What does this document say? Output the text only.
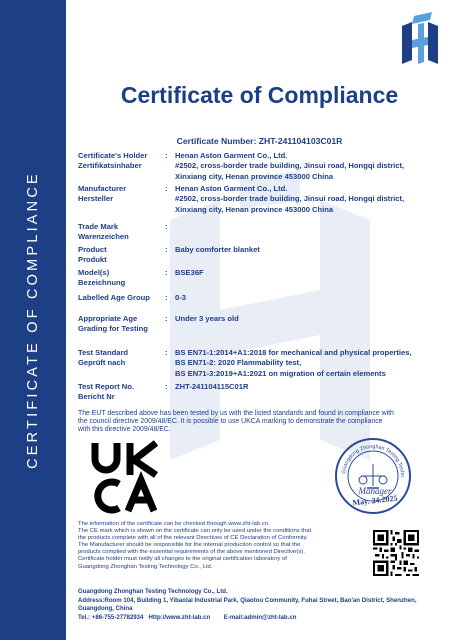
CERTIFICATE OF COMPLIANCE
Certificate of Compliance
Certificate Number: ZHT-241104103C01R
Certificate's Holder
Zertifikatsinhaber
: Henan Aston Garment Co., Ltd.
#2502, cross-border trade building, Jinsui road, Hongqi district,
Xinxiang city, Henan province 453000 China
Manufacturer
Hersteller
: Henan Aston Garment Co., Ltd.
#2502, cross-border trade building, Jinsui road, Hongqi district,
Xinxiang city, Henan province 453000 China
Trade Mark
Warenzeichen
:
Product
Produkt
: Baby comforter blanket
Model(s)
Bezeichnung
: BSE36F
Labelled Age Group	: 0-3
Appropriate Age
Grading for Testing
: Under 3 years old
Test Standard
Geprüft nach
: BS EN71-1:2014+A1:2018 for mechanical and physical properties,
BS EN71-2: 2020 Flammability test,
BS EN71-3:2019+A1:2021 on migration of certain elements
Test Report No.
Bericht Nr
: ZHT-241104115C01R
The EUT described above has been tested by us with the listed standards and found in compliance with
the council directive 2009/48/EC. It is possible to use UKCA marking to demonstrate the compliance
with this directive 2009/48/EC.
Guangdong Zhonghan Testing Techn
Manager
May. 24.2025
The information of the certificate can be checked through www.zht-lab.cn.
The CE mark which is shown on the certificate can only be used under the conditions that
the products complete with all of the relevant Directives of CE Declaration of Conformity.
The Manufacturer should be responsible for the internal production control so that the
products complied with the essential requirements of the above mentioned Directive(s).
Certificate holder must notify all changes to the original certification laboratory of
Guangdong Zhonghan Testing Technology Co., Ltd.
Guangdong Zhonghan Testing Technology Co., Ltd.
Address:Room 104, Building 1, Yibaolai Industrial Park, Qiaotou Community, Fuhai Street, Bao'an District, Shenzhen,
Guangdong, China
Tel.: +86-755-27782934   Http://www.zht-lab.cn        E-mail:admin@zht-lab.cn
